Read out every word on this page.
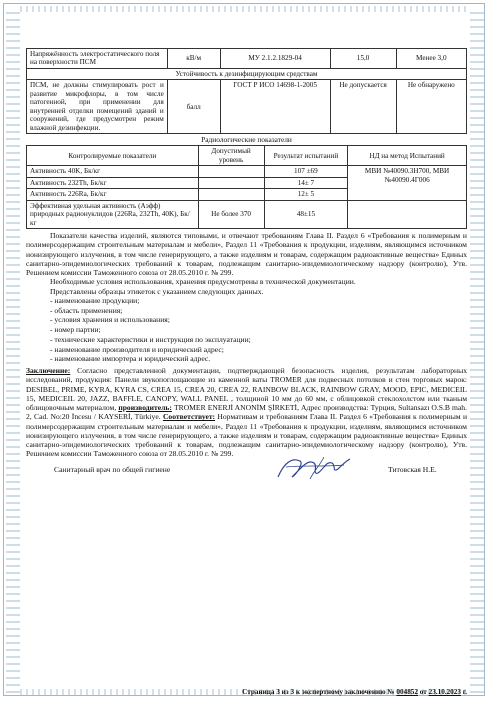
Напряжённость электростатического поля на поверхности ПСМ	кВ/м	МУ 2.1.2.1829-04	15,0	Менее 3,0
Устойчивость к дезинфицирующим средствам				
ПСМ, не должны стимулировать рост и развитие микрофлоры, в том числе патогенной, при применении для внутренней отделки помещений зданий и сооружений, где предусмотрен режим влажной дезинфекции.	балл	ГОСТ Р ИСО 14698-1-2005	Не допускается	Не обнаружено
Радиологические показатели
Контролируемые показатели	Допустимый уровень	Результат испытаний	НД на метод Испытаний
Активность 40K, Бк/кг		107 ±69	МВИ №40090.3Н700, МВИ №40090.4Г006
Активность 232Th, Бк/кг		14± 7	
Активность 226Ra, Бк/кг		12± 5	
Эффективная удельная активность (Аэфф) природных радионуклидов (226Ra, 232Th, 40K), Бк/кг	Не более 370	48±15	

Показатели качества изделий, являются типовыми, и отвечают требованиям Глава II. Раздел 6 «Требования к полимерным и полимерсодержащим строительным материалам и мебели», Раздел 11 «Требования к продукции, изделиям, являющимся источником ионизирующего излучения, в том числе генерирующего, а также изделиям и товарам, содержащим радиоактивные вещества» Единых санитарно-эпидемиологических требований к товарам, подлежащим санитарно-эпидемиологическому надзору (контролю), Утв. Решением комиссии Таможенного союза от 28.05.2010 г. № 299.

Необходимые условия использования, хранения предусмотрены в технической документации.

Представлены образцы этикеток с указанием следующих данных.

- наименование продукции;
- область применения;
- условия хранения и использования;
- номер партии;
- технические характеристики и инструкция по эксплуатации;
- наименование производителя и юридический адрес;
- наименование импортера и юридический адрес.

Заключение: Согласно представленной документации, подтверждающей безопасность изделия, результатам лабораторных исследований, продукция: Панели звукопоглощающие из каменной ваты TROMER для подвесных потолков и стен торговых марок: DESIBEL, PRIME, KYRA, KYRA CS, CREA 15, CREA 20, CREA 22, RAINBOW BLACK, RAINBOW GRAY, MOOD, EPIC, MEDICEIL 15, MEDICEIL 20, JAZZ, BAFFLE, CANOPY, WALL PANEL , толщиной 10 мм до 60 мм, с облицовкой стеклохолстом или тканым облицовочным материалом, производитель: TROMER ENERJİ ANONİM ŞİRKETİ, Адрес производства: Турция, Sultansazı O.S.B mah. 2, Cad. No:20 İncesu / KAYSERİ, Türkiye. Соответствует: Нормативам и требованиям Глава II. Раздел 6 «Требования к полимерным и полимерсодержащим строительным материалам и мебели», Раздел 11 «Требования к продукции, изделиям, являющимся источником ионизирующего излучения, в том числе генерирующего, а также изделиям и товарам, содержащим радиоактивные вещества» Единых санитарно-эпидемиологических требований к товарам, подлежащим санитарно-эпидемиологическому надзору (контролю), Утв. Решением комиссии Таможенного союза от 28.05.2010 г. № 299.

Санитарный врач по общей гигиене	Титовская Н.Е.
Страница 3 из 3 к экспертному заключению № 004852 от 23.10.2023 г.
